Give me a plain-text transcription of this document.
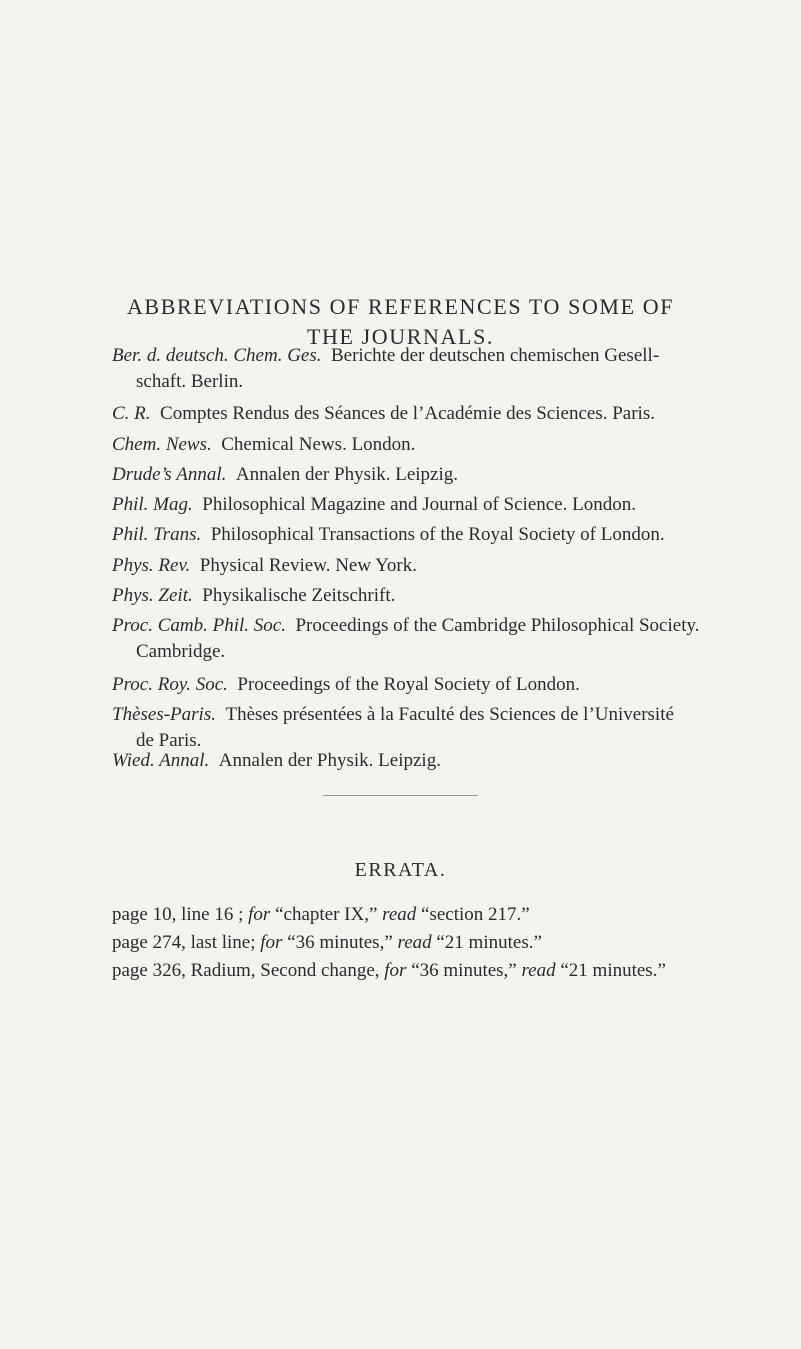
ABBREVIATIONS OF REFERENCES TO SOME OF
THE JOURNALS.
Ber. d. deutsch. Chem. Ges. Berichte der deutschen chemischen Gesell-
schaft. Berlin.
C. R. Comptes Rendus des Séances de l’Académie des Sciences. Paris.
Chem. News. Chemical News. London.
Drude’s Annal. Annalen der Physik. Leipzig.
Phil. Mag. Philosophical Magazine and Journal of Science. London.
Phil. Trans. Philosophical Transactions of the Royal Society of London.
Phys. Rev. Physical Review. New York.
Phys. Zeit. Physikalische Zeitschrift.
Proc. Camb. Phil. Soc. Proceedings of the Cambridge Philosophical Society.
Cambridge.
Proc. Roy. Soc. Proceedings of the Royal Society of London.
Thèses-Paris. Thèses présentées à la Faculté des Sciences de l’Université
de Paris.
Wied. Annal. Annalen der Physik. Leipzig.
ERRATA.
page 10, line 16 ; for “chapter IX,” read “section 217.”
page 274, last line; for “36 minutes,” read “21 minutes.”
page 326, Radium, Second change, for “36 minutes,” read “21 minutes.”
